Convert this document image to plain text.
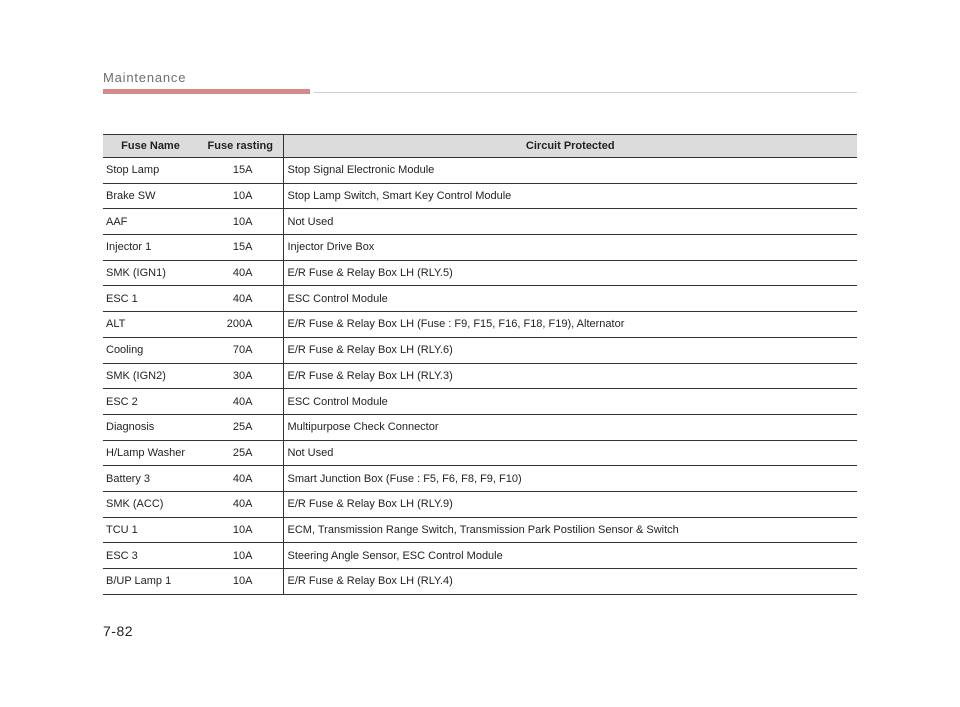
Maintenance
Fuse Name	Fuse rasting	Circuit Protected
Stop Lamp	15A	Stop Signal Electronic Module
Brake SW	10A	Stop Lamp Switch, Smart Key Control Module
AAF	10A	Not Used
Injector 1	15A	Injector Drive Box
SMK (IGN1)	40A	E/R Fuse & Relay Box LH (RLY.5)
ESC 1	40A	ESC Control Module
ALT	200A	E/R Fuse & Relay Box LH (Fuse : F9, F15, F16, F18, F19), Alternator
Cooling	70A	E/R Fuse & Relay Box LH (RLY.6)
SMK (IGN2)	30A	E/R Fuse & Relay Box LH (RLY.3)
ESC 2	40A	ESC Control Module
Diagnosis	25A	Multipurpose Check Connector
H/Lamp Washer	25A	Not Used
Battery 3	40A	Smart Junction Box (Fuse : F5, F6, F8, F9, F10)
SMK (ACC)	40A	E/R Fuse & Relay Box LH (RLY.9)
TCU 1	10A	ECM, Transmission Range Switch, Transmission Park Postilion Sensor & Switch
ESC 3	10A	Steering Angle Sensor, ESC Control Module
B/UP Lamp 1	10A	E/R Fuse & Relay Box LH (RLY.4)
7-82
